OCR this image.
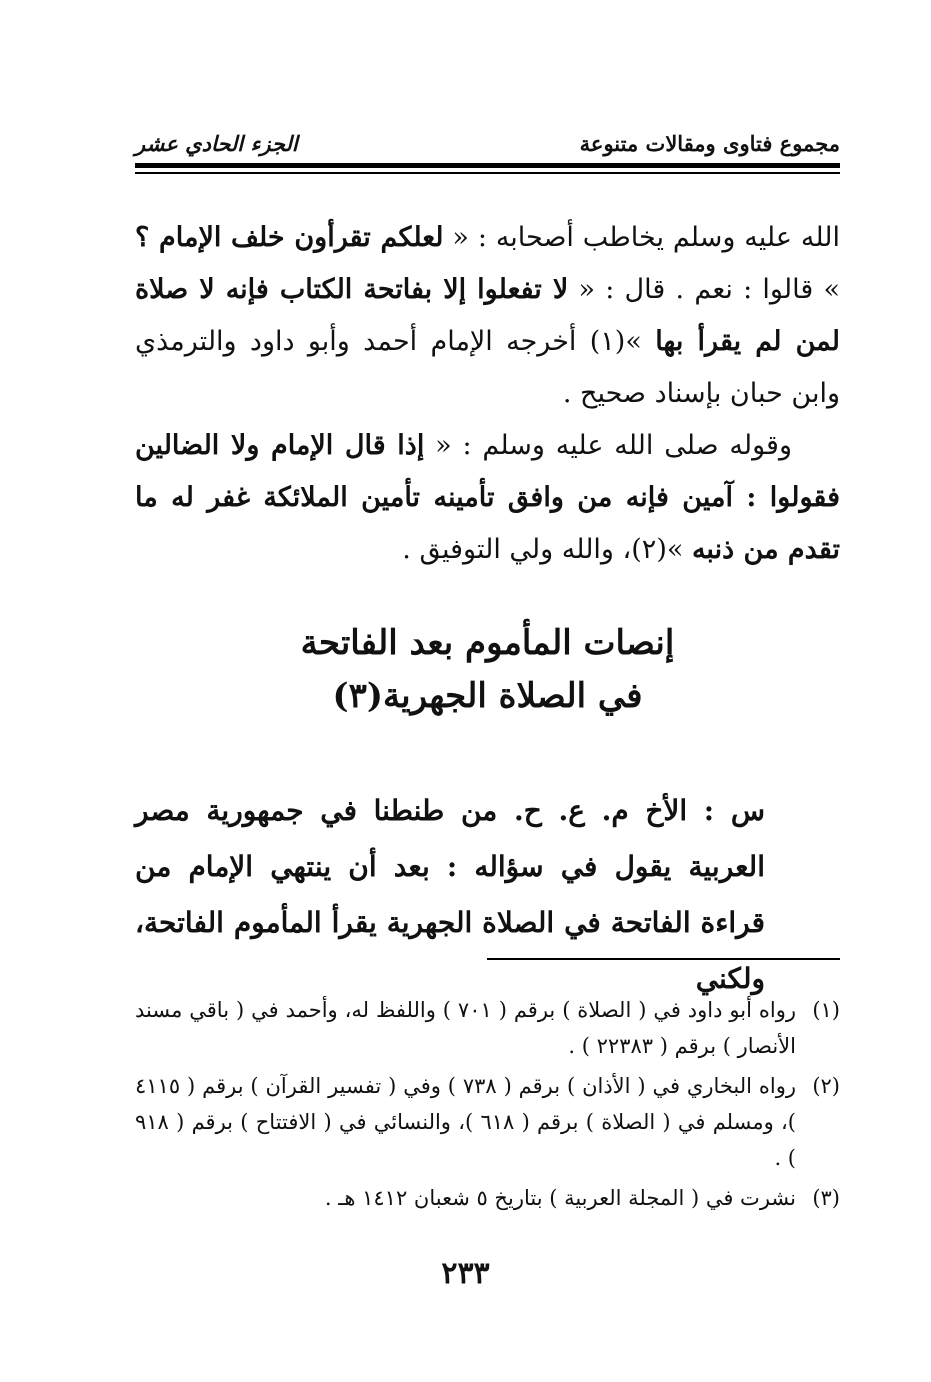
مجموع فتاوى ومقالات متنوعة
الجزء الحادي عشر

الله عليه وسلم يخاطب أصحابه : « لعلكم تقرأون خلف الإمام ؟ » قالوا : نعم . قال : « لا تفعلوا إلا بفاتحة الكتاب فإنه لا صلاة لمن لم يقرأ بها »(١) أخرجه الإمام أحمد وأبو داود والترمذي وابن حبان بإسناد صحيح .

وقوله صلى الله عليه وسلم : « إذا قال الإمام ولا الضالين فقولوا : آمين فإنه من وافق تأمينه تأمين الملائكة غفر له ما تقدم من ذنبه »(٢)، والله ولي التوفيق .

إنصات المأموم بعد الفاتحة
في الصلاة الجهرية(٣)
س : الأخ م. ع. ح. من طنطنا في جمهورية مصر العربية يقول في سؤاله : بعد أن ينتهي الإمام من قراءة الفاتحة في الصلاة الجهرية يقرأ المأموم الفاتحة، ولكني
(١)
رواه أبو داود في ( الصلاة ) برقم ( ٧٠١ ) واللفظ له، وأحمد في ( باقي مسند الأنصار ) برقم ( ٢٢٣٨٣ ) .
(٢)
رواه البخاري في ( الأذان ) برقم ( ٧٣٨ ) وفي ( تفسير القرآن ) برقم ( ٤١١٥ )، ومسلم في ( الصلاة ) برقم ( ٦١٨ )، والنسائي في ( الافتتاح ) برقم ( ٩١٨ ) .
(٣)
نشرت في ( المجلة العربية ) بتاريخ ٥ شعبان ١٤١٢ هـ .
٢٣٣
